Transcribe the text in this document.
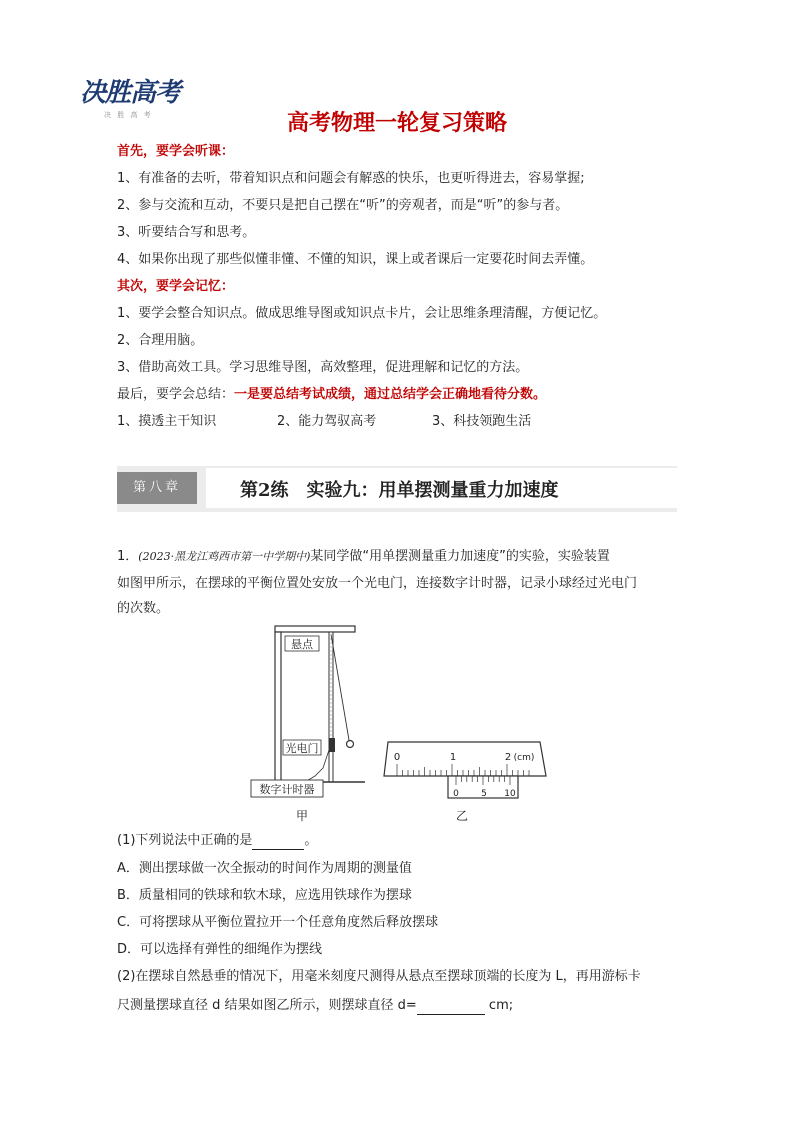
决胜高考
决 胜 高 考	高考物理一轮复习策略
首先，要学会听课：
1、有准备的去听，带着知识点和问题会有解惑的快乐，也更听得进去，容易掌握;
2、参与交流和互动，不要只是把自己摆在“听”的旁观者，而是“听”的参与者。
3、听要结合写和思考。
4、如果你出现了那些似懂非懂、不懂的知识，课上或者课后一定要花时间去弄懂。
其次，要学会记忆：
1、要学会整合知识点。做成思维导图或知识点卡片，会让思维条理清醒，方便记忆。
2、合理用脑。
3、借助高效工具。学习思维导图，高效整理，促进理解和记忆的方法。
最后，要学会总结：一是要总结考试成绩，通过总结学会正确地看待分数。
1、摸透主干知识	2、能力驾驭高考	3、科技领跑生活
第八章	第2练　实验九：用单摆测量重力加速度
1．(2023·黑龙江鸡西市第一中学期中)某同学做“用单摆测量重力加速度”的实验，实验装置
如图甲所示，在摆球的平衡位置处安放一个光电门，连接数字计时器，记录小球经过光电门
的次数。
悬点
光电门
数字计时器
甲
0	1	2 (cm)
0 5 10
乙
(1)下列说法中正确的是	。
A．测出摆球做一次全振动的时间作为周期的测量值
B．质量相同的铁球和软木球，应选用铁球作为摆球
C．可将摆球从平衡位置拉开一个任意角度然后释放摆球
D．可以选择有弹性的细绳作为摆线
(2)在摆球自然悬垂的情况下，用毫米刻度尺测得从悬点至摆球顶端的长度为 L，再用游标卡
尺测量摆球直径 d 结果如图乙所示，则摆球直径 d=	cm;
